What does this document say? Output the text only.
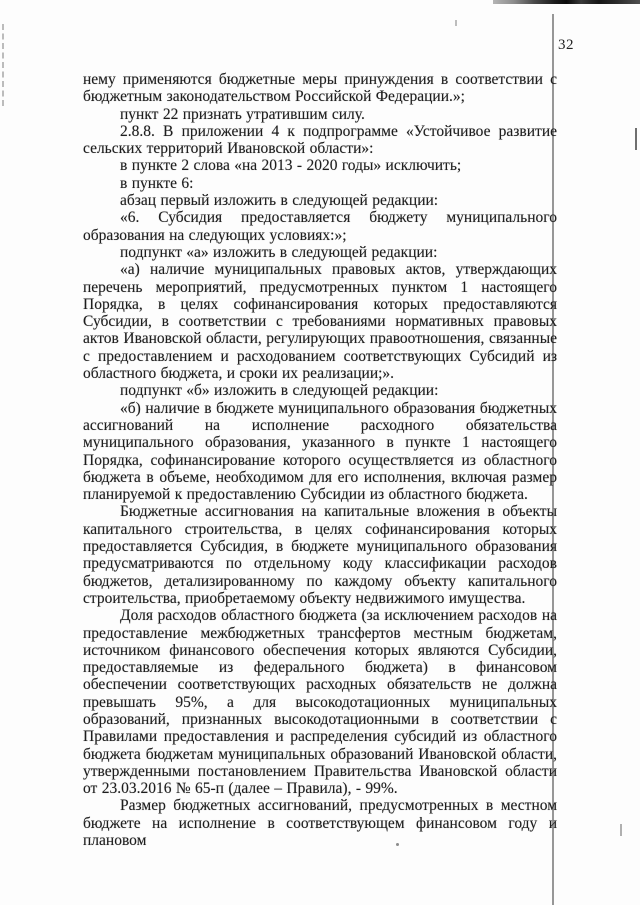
32

нему применяются бюджетные меры принуждения в соответствии с бюджетным законодательством Российской Федерации.»;

пункт 22 признать утратившим силу.

2.8.8. В приложении 4 к подпрограмме «Устойчивое развитие сельских территорий Ивановской области»:

в пункте 2 слова «на 2013 - 2020 годы» исключить;

в пункте 6:

абзац первый изложить в следующей редакции:

«6. Субсидия предоставляется бюджету муниципального образования на следующих условиях:»;

подпункт «а» изложить в следующей редакции:

«а) наличие муниципальных правовых актов, утверждающих перечень мероприятий, предусмотренных пунктом 1 настоящего Порядка, в целях софинансирования которых предоставляются Субсидии, в соответствии с требованиями нормативных правовых актов Ивановской области, регулирующих правоотношения, связанные с предоставлением и расходованием соответствующих Субсидий из областного бюджета, и сроки их реализации;».

подпункт «б» изложить в следующей редакции:

«б) наличие в бюджете муниципального образования бюджетных ассигнований на исполнение расходного обязательства муниципального образования, указанного в пункте 1 настоящего Порядка, софинансирование которого осуществляется из областного бюджета в объеме, необходимом для его исполнения, включая размер планируемой к предоставлению Субсидии из областного бюджета.

Бюджетные ассигнования на капитальные вложения в объекты капитального строительства, в целях софинансирования которых предоставляется Субсидия, в бюджете муниципального образования предусматриваются по отдельному коду классификации расходов бюджетов, детализированному по каждому объекту капитального строительства, приобретаемому объекту недвижимого имущества.

Доля расходов областного бюджета (за исключением расходов на предоставление межбюджетных трансфертов местным бюджетам, источником финансового обеспечения которых являются Субсидии, предоставляемые из федерального бюджета) в финансовом обеспечении соответствующих расходных обязательств не должна превышать 95%, а для высокодотационных муниципальных образований, признанных высокодотационными в соответствии с Правилами предоставления и распределения субсидий из областного бюджета бюджетам муниципальных образований Ивановской области, утвержденными постановлением Правительства Ивановской области от 23.03.2016 № 65-п (далее – Правила), - 99%.

Размер бюджетных ассигнований, предусмотренных в местном бюджете на исполнение в соответствующем финансовом году и плановом
